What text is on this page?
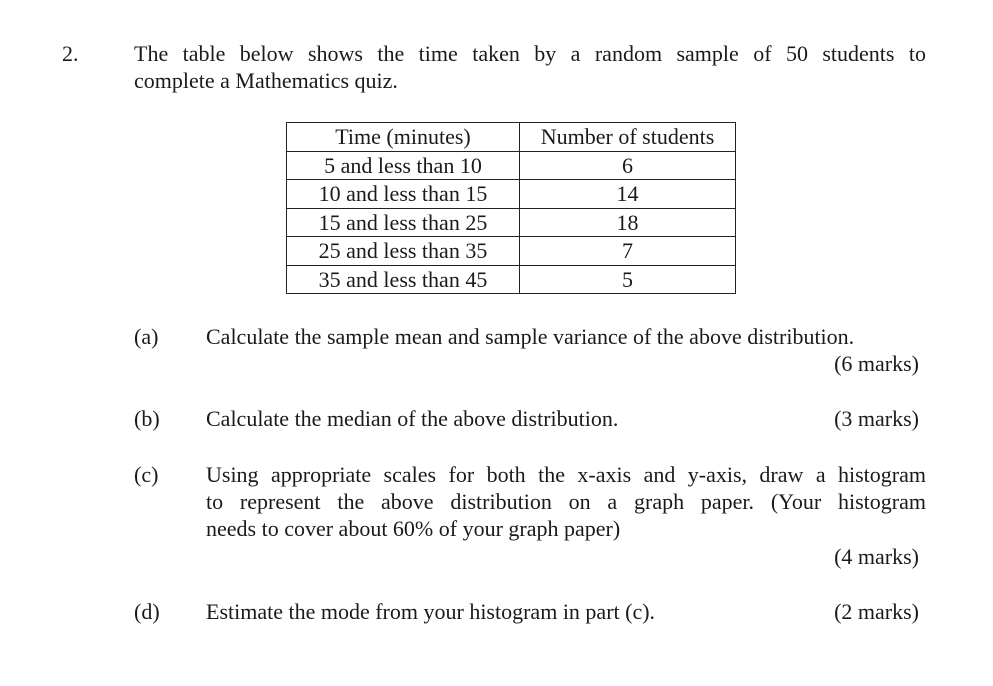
2.	The table below shows the time taken by a random sample of 50 students to
complete a Mathematics quiz.
Time (minutes)	Number of students
5 and less than 10	6
10 and less than 15	14
15 and less than 25	18
25 and less than 35	7
35 and less than 45	5
(a) Calculate the sample mean and sample variance of the above distribution.
(6 marks)
(b) Calculate the median of the above distribution.	(3 marks)
(c) Using appropriate scales for both the x-axis and y-axis, draw a histogram
to represent the above distribution on a graph paper. (Your histogram
needs to cover about 60% of your graph paper)
(4 marks)
(d) Estimate the mode from your histogram in part (c).	(2 marks)
